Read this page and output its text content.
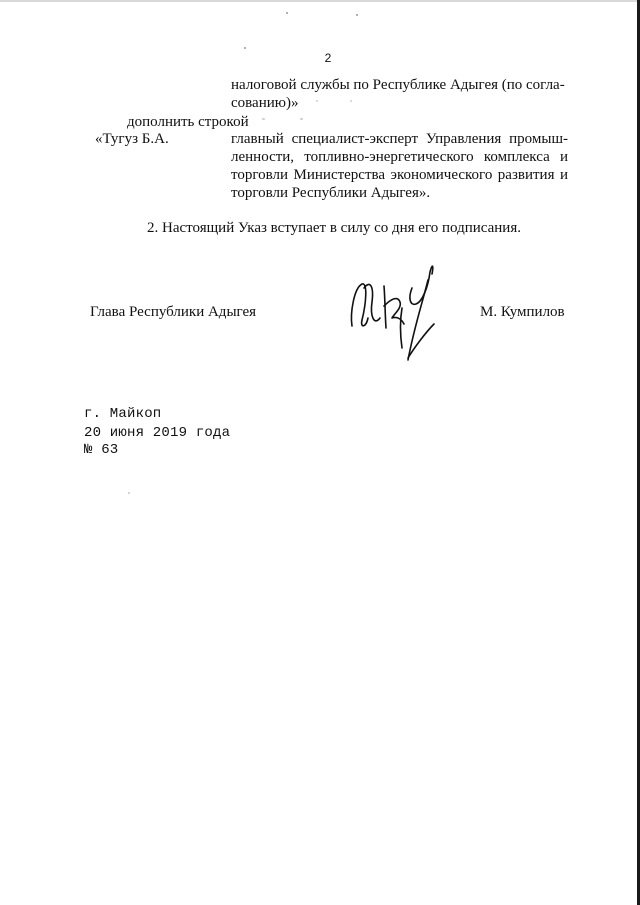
2
налоговой службы по Республике Адыгея (по согла-
сованию)»
дополнить строкой
«Тугуз Б.А.	главный специалист-эксперт Управления промыш-
ленности, топливно-энергетического комплекса и
торговли Министерства экономического развития и
торговли Республики Адыгея».
2. Настоящий Указ вступает в силу со дня его подписания.
Глава Республики Адыгея	М. Кумпилов
г. Майкоп
20 июня 2019 года
№ 63
